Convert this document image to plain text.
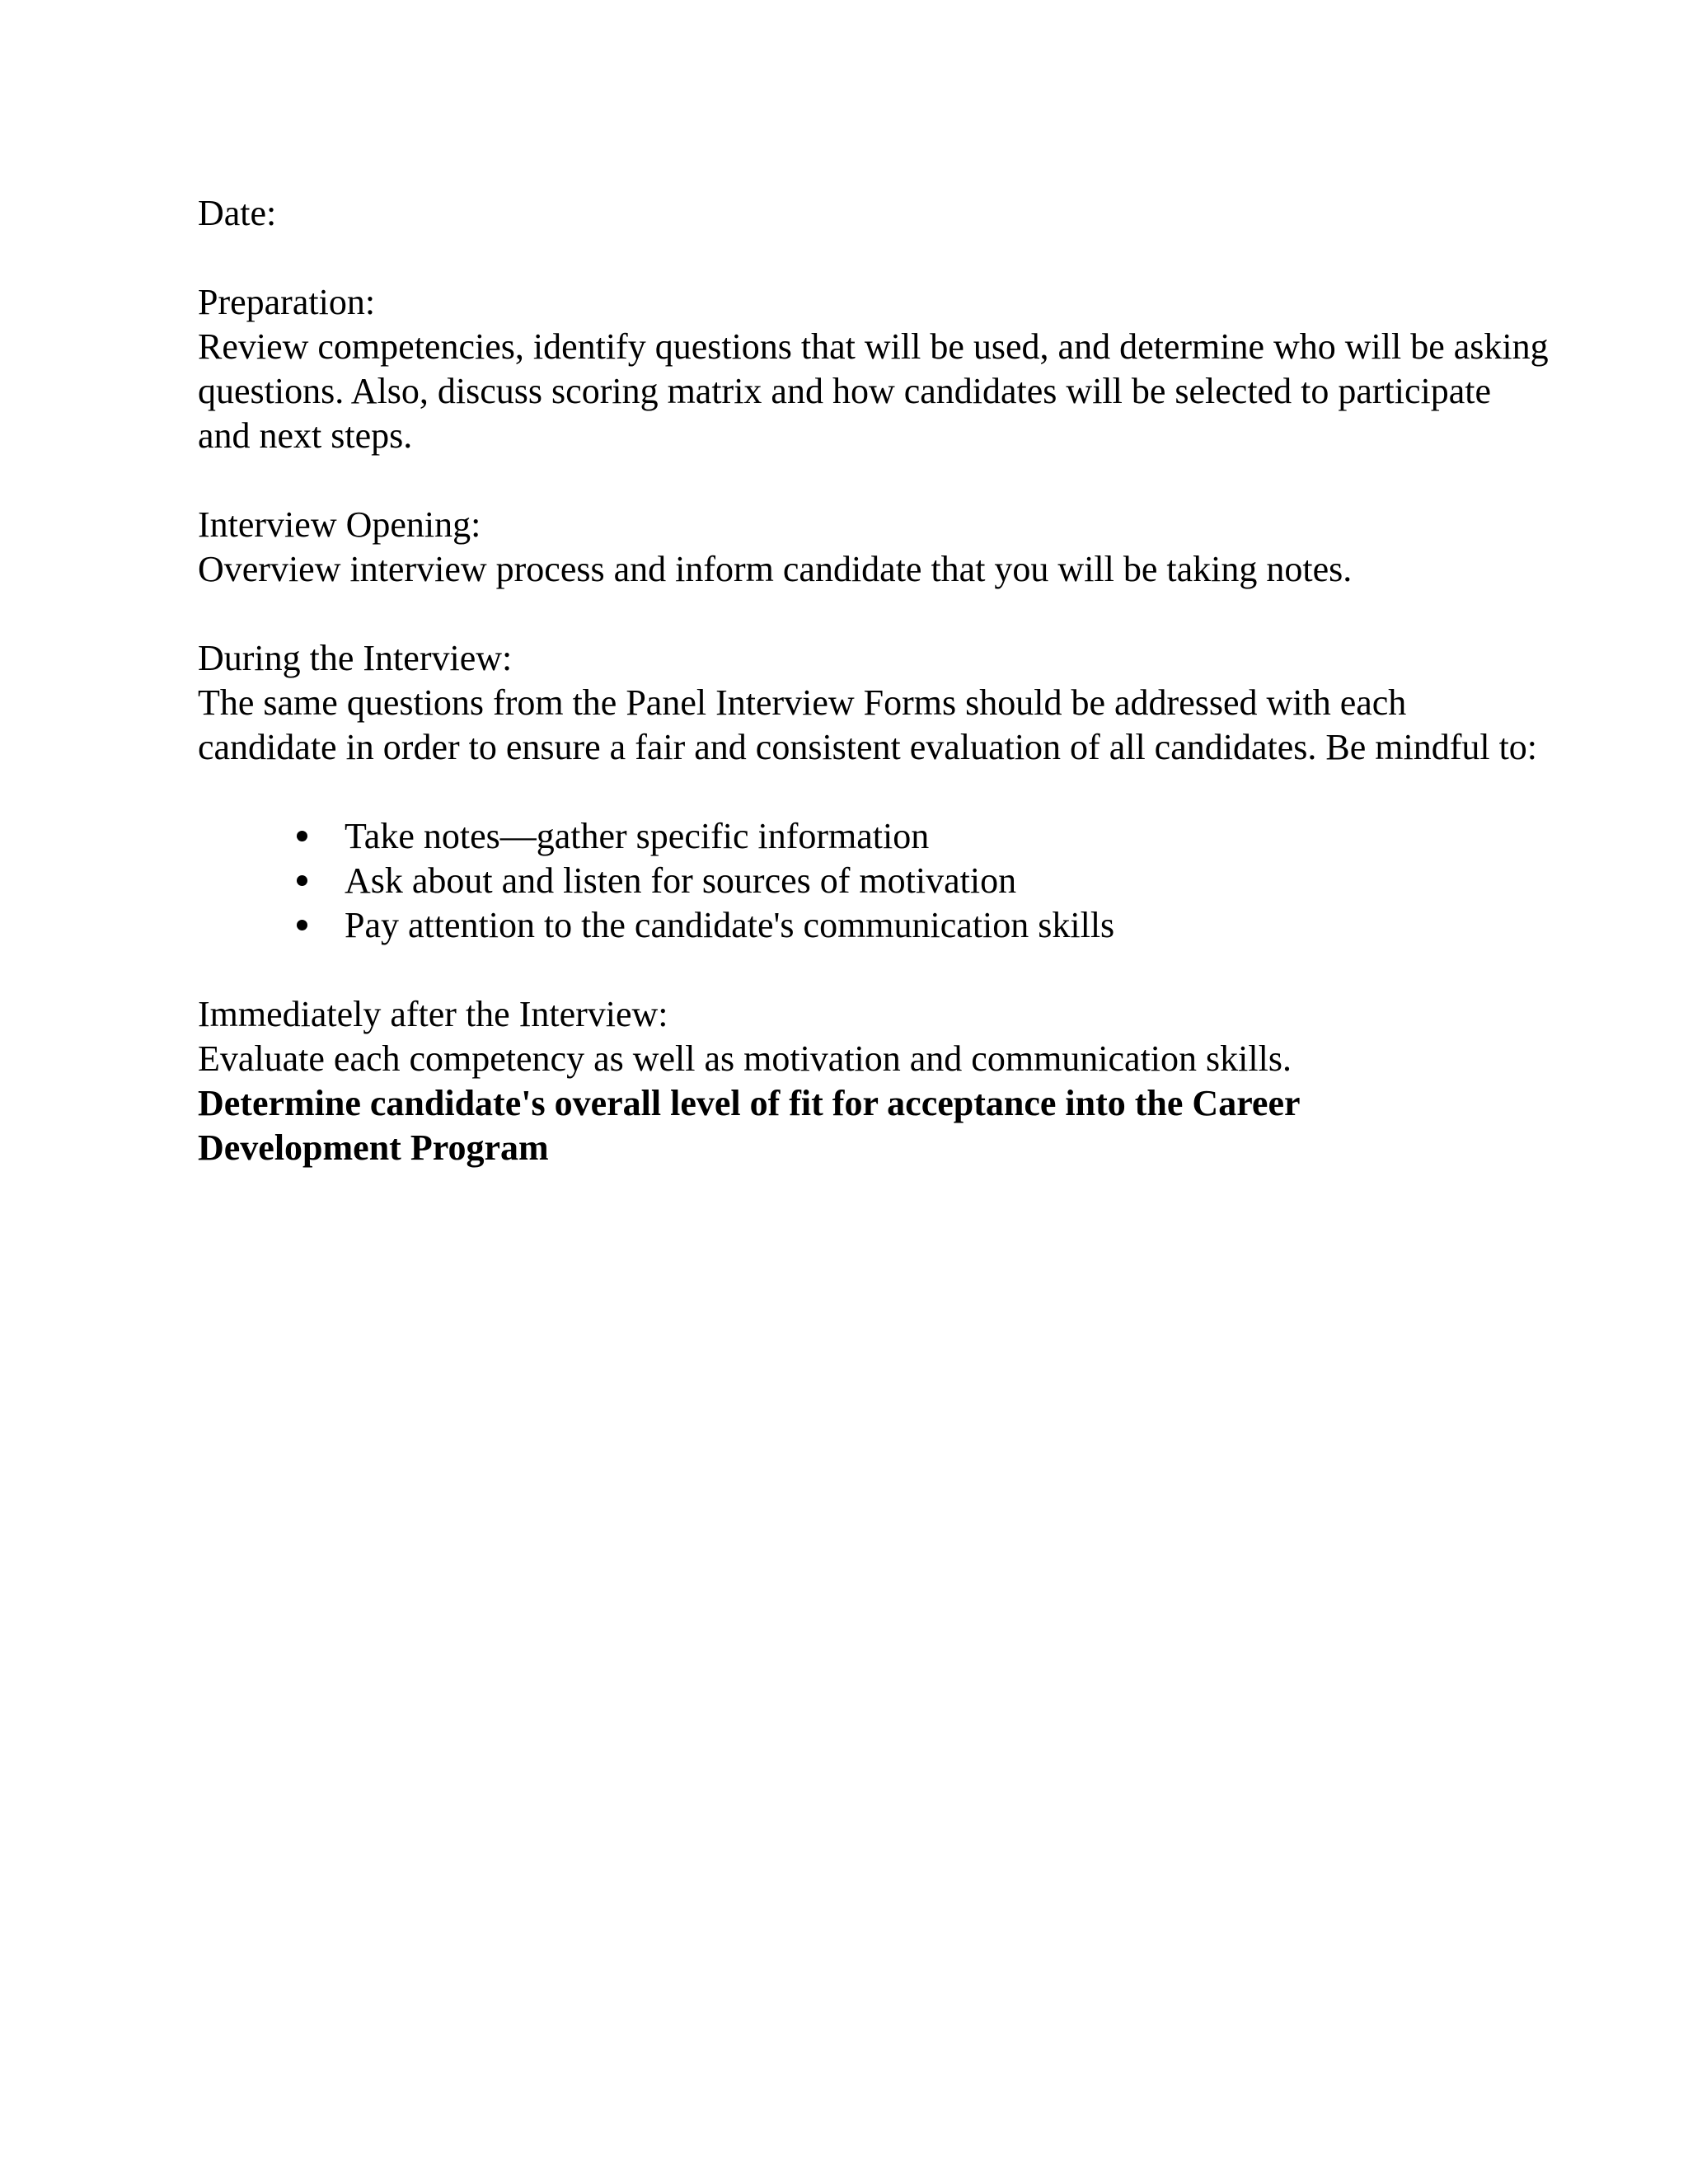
Date:
Preparation:
Review competencies, identify questions that will be used, and determine who will be asking
questions. Also, discuss scoring matrix and how candidates will be selected to participate
and next steps.
Interview Opening:
Overview interview process and inform candidate that you will be taking notes.
During the Interview:
The same questions from the Panel Interview Forms should be addressed with each
candidate in order to ensure a fair and consistent evaluation of all candidates. Be mindful to:
Take notes—gather specific information
Ask about and listen for sources of motivation
Pay attention to the candidate's communication skills
Immediately after the Interview:
Evaluate each competency as well as motivation and communication skills.
Determine candidate's overall level of fit for acceptance into the Career
Development Program
